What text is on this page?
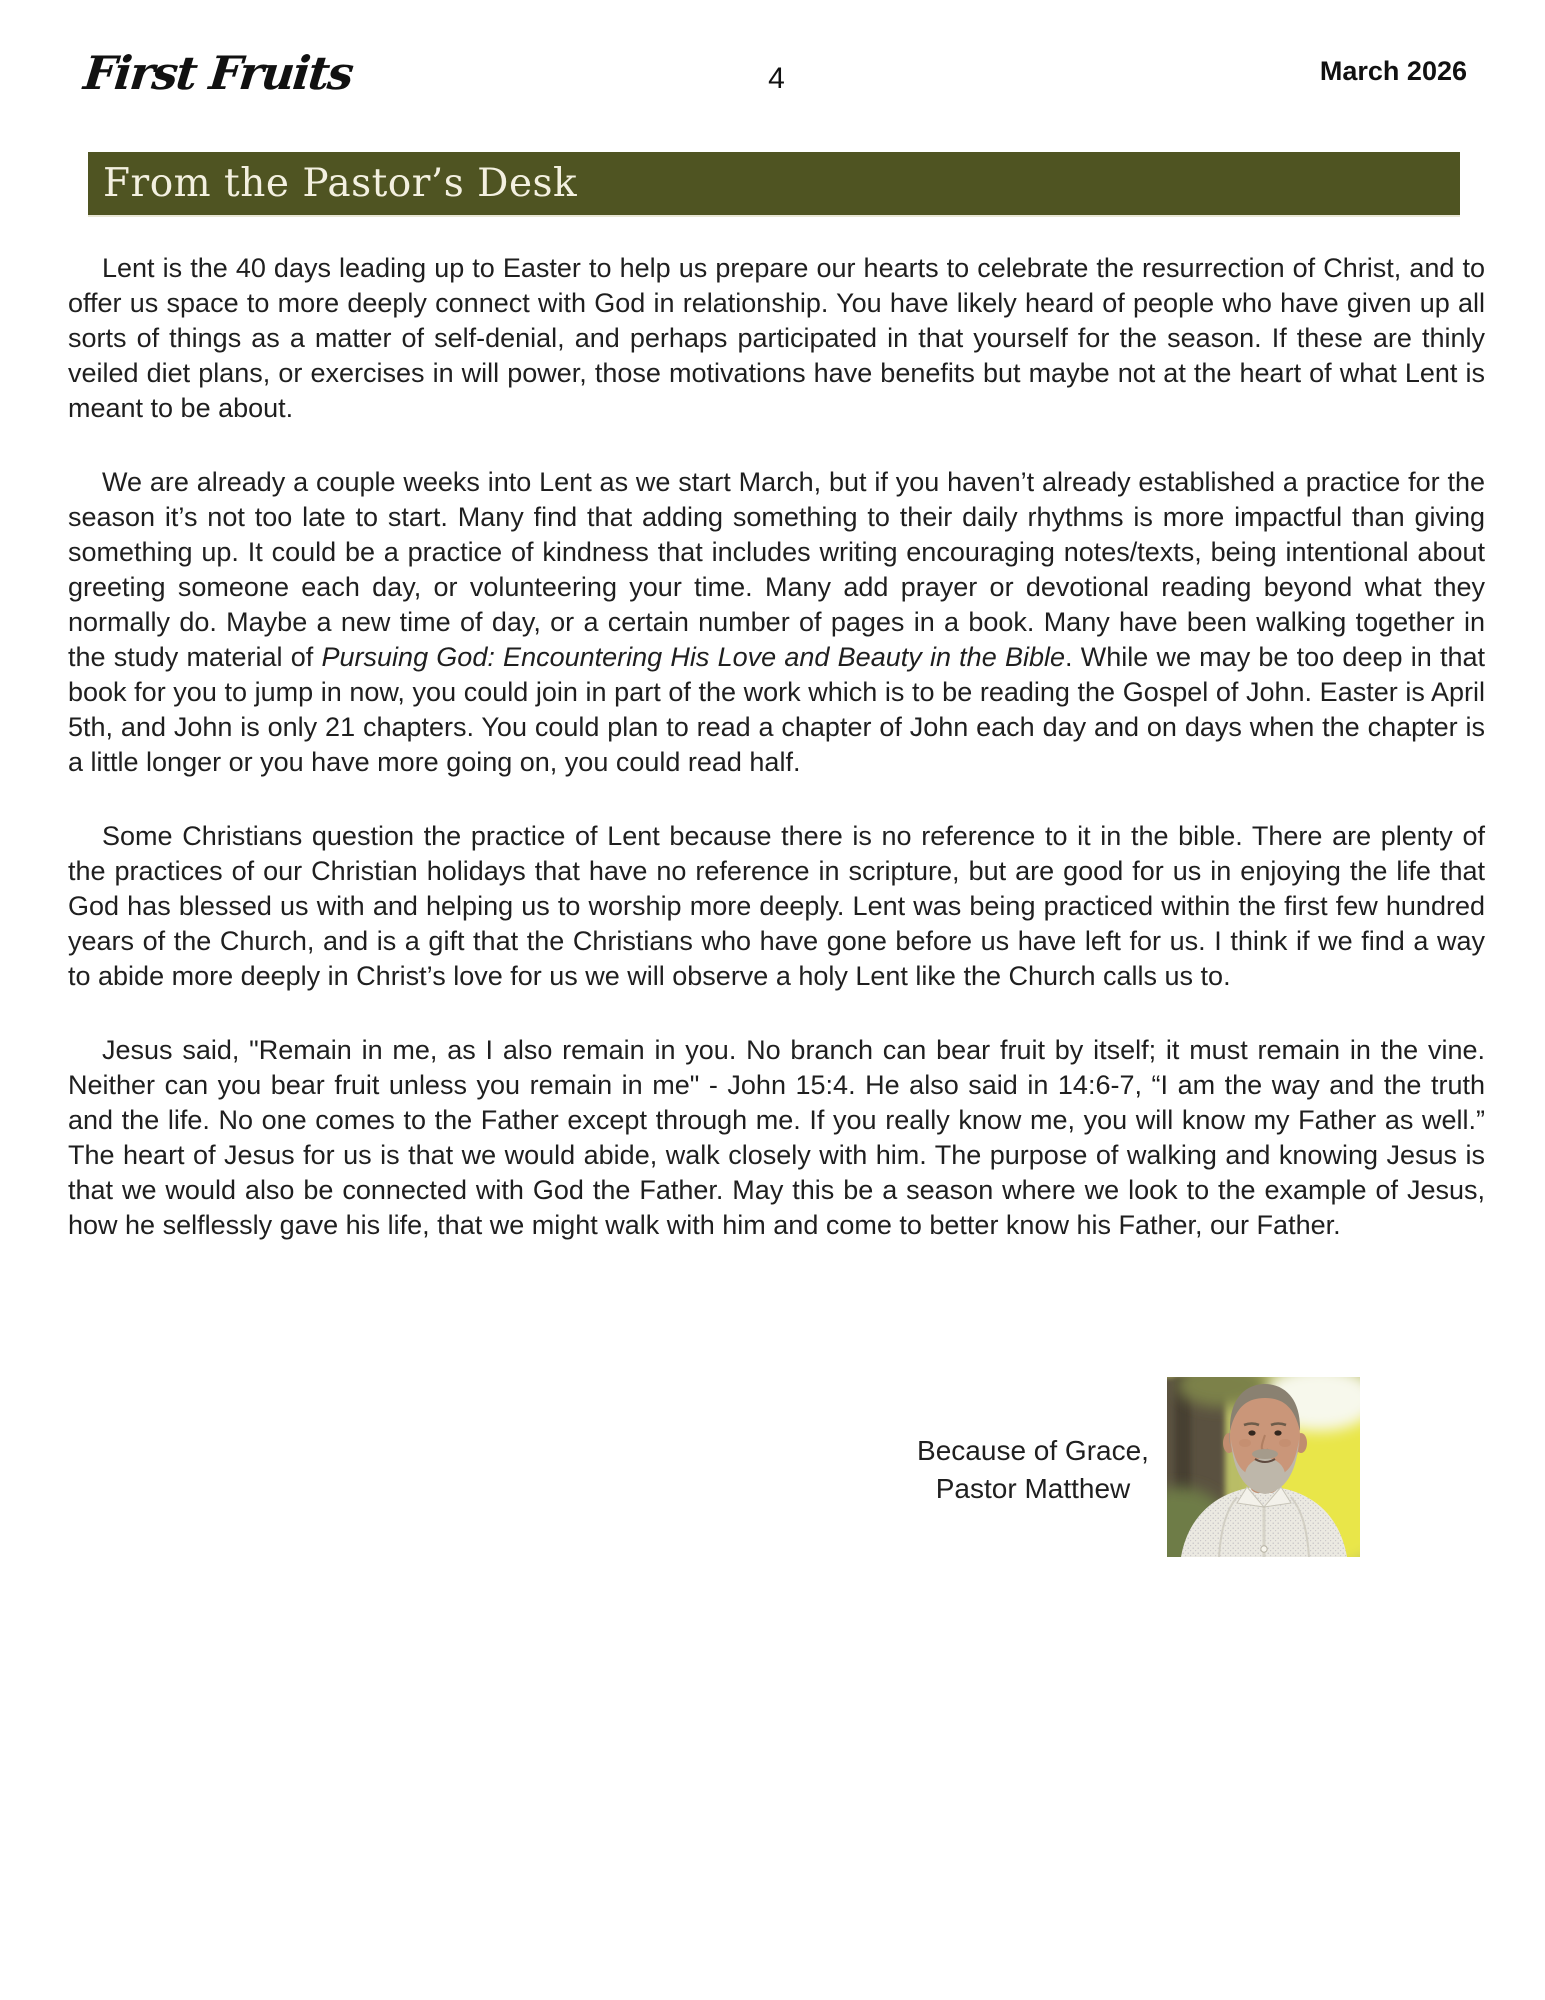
First Fruits	4	March 2026
From the Pastor’s Desk

Lent is the 40 days leading up to Easter to help us prepare our hearts to celebrate the resurrection of Christ, and to offer us space to more deeply connect with God in relationship. You have likely heard of people who have given up all sorts of things as a matter of self-denial, and perhaps participated in that yourself for the season. If these are thinly veiled diet plans, or exercises in will power, those motivations have benefits but maybe not at the heart of what Lent is meant to be about.

We are already a couple weeks into Lent as we start March, but if you haven’t already established a practice for the season it’s not too late to start. Many find that adding something to their daily rhythms is more impactful than giving something up. It could be a practice of kindness that includes writing encouraging notes/texts, being intentional about greeting someone each day, or volunteering your time. Many add prayer or devotional reading beyond what they normally do. Maybe a new time of day, or a certain number of pages in a book. Many have been walking together in the study material of Pursuing God: Encountering His Love and Beauty in the Bible. While we may be too deep in that book for you to jump in now, you could join in part of the work which is to be reading the Gospel of John. Easter is April 5th, and John is only 21 chapters. You could plan to read a chapter of John each day and on days when the chapter is a little longer or you have more going on, you could read half.

Some Christians question the practice of Lent because there is no reference to it in the bible. There are plenty of the practices of our Christian holidays that have no reference in scripture, but are good for us in enjoying the life that God has blessed us with and helping us to worship more deeply. Lent was being practiced within the first few hundred years of the Church, and is a gift that the Christians who have gone before us have left for us. I think if we find a way to abide more deeply in Christ’s love for us we will observe a holy Lent like the Church calls us to.

Jesus said, "Remain in me, as I also remain in you. No branch can bear fruit by itself; it must remain in the vine. Neither can you bear fruit unless you remain in me" - John 15:4. He also said in 14:6-7, “I am the way and the truth and the life. No one comes to the Father except through me. If you really know me, you will know my Father as well.” The heart of Jesus for us is that we would abide, walk closely with him. The purpose of walking and knowing Jesus is that we would also be connected with God the Father. May this be a season where we look to the example of Jesus, how he selflessly gave his life, that we might walk with him and come to better know his Father, our Father.

Because of Grace,
Pastor Matthew
